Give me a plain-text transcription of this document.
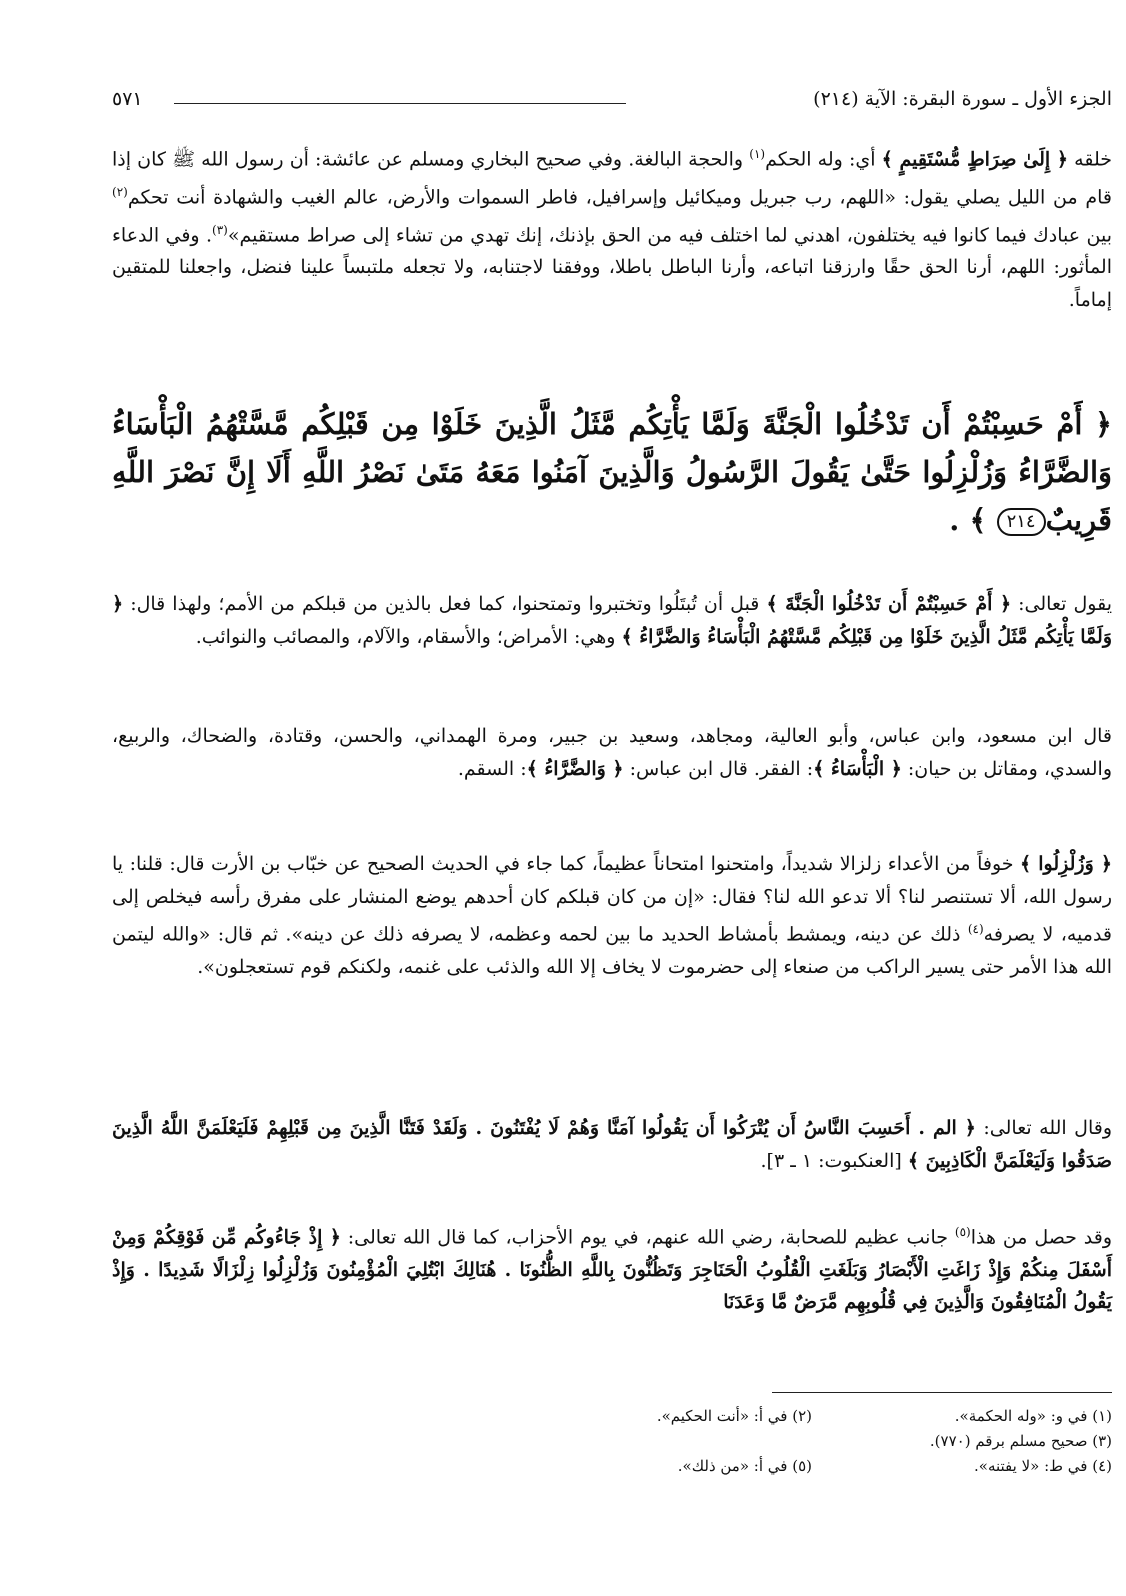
الجزء الأول ـ سورة البقرة: الآية (٢١٤)
٥٧١

خلقه ﴿ إِلَىٰ صِرَاطٍ مُّسْتَقِيمٍ ﴾ أي: وله الحكم$^{(١)}$ والحجة البالغة. وفي صحيح البخاري ومسلم عن عائشة: أن رسول الله ﷺ كان إذا قام من الليل يصلي يقول: «اللهم، رب جبريل وميكائيل وإسرافيل، فاطر السموات والأرض، عالم الغيب والشهادة أنت تحكم$^{(٢)}$ بين عبادك فيما كانوا فيه يختلفون، اهدني لما اختلف فيه من الحق بإذنك، إنك تهدي من تشاء إلى صراط مستقيم»$^{(٣)}$. وفي الدعاء المأثور: اللهم، أرنا الحق حقًا وارزقنا اتباعه، وأرنا الباطل باطلا، ووفقنا لاجتنابه، ولا تجعله ملتبساً علينا فنضل، واجعلنا للمتقين إماماً.

﴿ أَمْ حَسِبْتُمْ أَن تَدْخُلُوا الْجَنَّةَ وَلَمَّا يَأْتِكُم مَّثَلُ الَّذِينَ خَلَوْا مِن قَبْلِكُم مَّسَّتْهُمُ الْبَأْسَاءُ وَالضَّرَّاءُ وَزُلْزِلُوا حَتَّىٰ يَقُولَ الرَّسُولُ وَالَّذِينَ آمَنُوا مَعَهُ مَتَىٰ نَصْرُ اللَّهِ أَلَا إِنَّ نَصْرَ اللَّهِ قَرِيبٌ٢١٤ ﴾ .

يقول تعالى: ﴿ أَمْ حَسِبْتُمْ أَن تَدْخُلُوا الْجَنَّةَ ﴾ قبل أن تُبتَلُوا وتختبروا وتمتحنوا، كما فعل بالذين من قبلكم من الأمم؛ ولهذا قال: ﴿ وَلَمَّا يَأْتِكُم مَّثَلُ الَّذِينَ خَلَوْا مِن قَبْلِكُم مَّسَّتْهُمُ الْبَأْسَاءُ وَالضَّرَّاءُ ﴾ وهي: الأمراض؛ والأسقام، والآلام، والمصائب والنوائب.

قال ابن مسعود، وابن عباس، وأبو العالية، ومجاهد، وسعيد بن جبير، ومرة الهمداني، والحسن، وقتادة، والضحاك، والربيع، والسدي، ومقاتل بن حيان: ﴿ الْبَأْسَاءُ ﴾: الفقر. قال ابن عباس: ﴿ وَالضَّرَّاءُ ﴾: السقم.

﴿ وَزُلْزِلُوا ﴾ خوفاً من الأعداء زلزالا شديداً، وامتحنوا امتحاناً عظيماً، كما جاء في الحديث الصحيح عن خبّاب بن الأرت قال: قلنا: يا رسول الله، ألا تستنصر لنا؟ ألا تدعو الله لنا؟ فقال: «إن من كان قبلكم كان أحدهم يوضع المنشار على مفرق رأسه فيخلص إلى قدميه، لا يصرفه$^{(٤)}$ ذلك عن دينه، ويمشط بأمشاط الحديد ما بين لحمه وعظمه، لا يصرفه ذلك عن دينه». ثم قال: «والله ليتمن الله هذا الأمر حتى يسير الراكب من صنعاء إلى حضرموت لا يخاف إلا الله والذئب على غنمه، ولكنكم قوم تستعجلون».

وقال الله تعالى: ﴿ الم . أَحَسِبَ النَّاسُ أَن يُتْرَكُوا أَن يَقُولُوا آمَنَّا وَهُمْ لَا يُفْتَنُونَ . وَلَقَدْ فَتَنَّا الَّذِينَ مِن قَبْلِهِمْ فَلَيَعْلَمَنَّ اللَّهُ الَّذِينَ صَدَقُوا وَلَيَعْلَمَنَّ الْكَاذِبِينَ ﴾ [العنكبوت: ١ ـ ٣].

وقد حصل من هذا$^{(٥)}$ جانب عظيم للصحابة، رضي الله عنهم، في يوم الأحزاب، كما قال الله تعالى: ﴿ إِذْ جَاءُوكُم مِّن فَوْقِكُمْ وَمِنْ أَسْفَلَ مِنكُمْ وَإِذْ زَاغَتِ الْأَبْصَارُ وَبَلَغَتِ الْقُلُوبُ الْحَنَاجِرَ وَتَظُنُّونَ بِاللَّهِ الظُّنُونَا . هُنَالِكَ ابْتُلِيَ الْمُؤْمِنُونَ وَزُلْزِلُوا زِلْزَالًا شَدِيدًا . وَإِذْ يَقُولُ الْمُنَافِقُونَ وَالَّذِينَ فِي قُلُوبِهِم مَّرَضٌ مَّا وَعَدَنَا

(١) في و: «وله الحكمة».
(٢) في أ: «أنت الحكيم».
(٣) صحيح مسلم برقم (٧٧٠).
(٤) في ط: «لا يفتنه».
(٥) في أ: «من ذلك».
